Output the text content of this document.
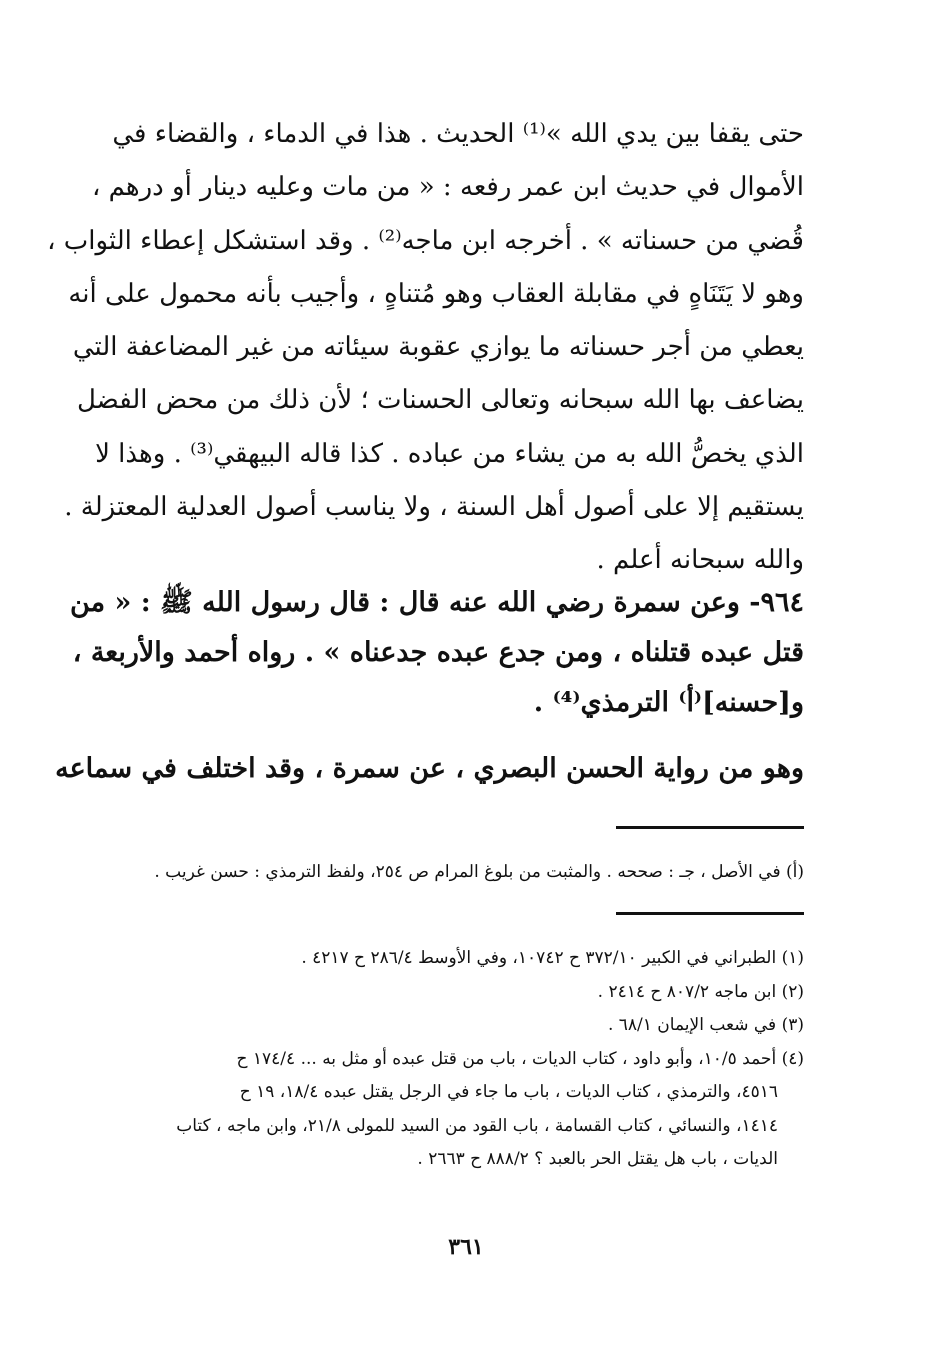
حتى يقفا بين يدي الله »⁽¹⁾ الحديث . هذا في الدماء ، والقضاء في
الأموال في حديث ابن عمر رفعه : « من مات وعليه دينار أو درهم ،
قُضي من حسناته » . أخرجه ابن ماجه⁽²⁾ . وقد استشكل إعطاء الثواب ،
وهو لا يَتَنَاهٍ في مقابلة العقاب وهو مُتناهٍ ، وأجيب بأنه محمول على أنه
يعطي من أجر حسناته ما يوازي عقوبة سيئاته من غير المضاعفة التي
يضاعف بها الله سبحانه وتعالى الحسنات ؛ لأن ذلك من محض الفضل
الذي يخصُّ الله به من يشاء من عباده . كذا قاله البيهقي⁽³⁾ . وهذا لا
يستقيم إلا على أصول أهل السنة ، ولا يناسب أصول العدلية المعتزلة .
والله سبحانه أعلم .
٩٦٤- وعن سمرة رضي الله عنه قال : قال رسول الله ﷺ : « من
قتل عبده قتلناه ، ومن جدع عبده جدعناه » . رواه أحمد والأربعة ،
و[حسنه]⁽أ⁾ الترمذي⁽⁴⁾ .
وهو من رواية الحسن البصري ، عن سمرة ، وقد اختلف في سماعه
(أ) في الأصل ، جـ : صححه . والمثبت من بلوغ المرام ص ٢٥٤، ولفظ الترمذي : حسن غريب .
(١) الطبراني في الكبير ٣٧٢/١٠ ح ١٠٧٤٢، وفي الأوسط ٢٨٦/٤ ح ٤٢١٧ .
(٢) ابن ماجه ٨٠٧/٢ ح ٢٤١٤ .
(٣) في شعب الإيمان ٦٨/١ .
(٤) أحمد ١٠/٥، وأبو داود ، كتاب الديات ، باب من قتل عبده أو مثل به ... ١٧٤/٤ ح
٤٥١٦، والترمذي ، كتاب الديات ، باب ما جاء في الرجل يقتل عبده ١٨/٤، ١٩ ح
١٤١٤، والنسائي ، كتاب القسامة ، باب القود من السيد للمولى ٢١/٨، وابن ماجه ، كتاب
الديات ، باب هل يقتل الحر بالعبد ؟ ٨٨٨/٢ ح ٢٦٦٣ .
٣٦١
